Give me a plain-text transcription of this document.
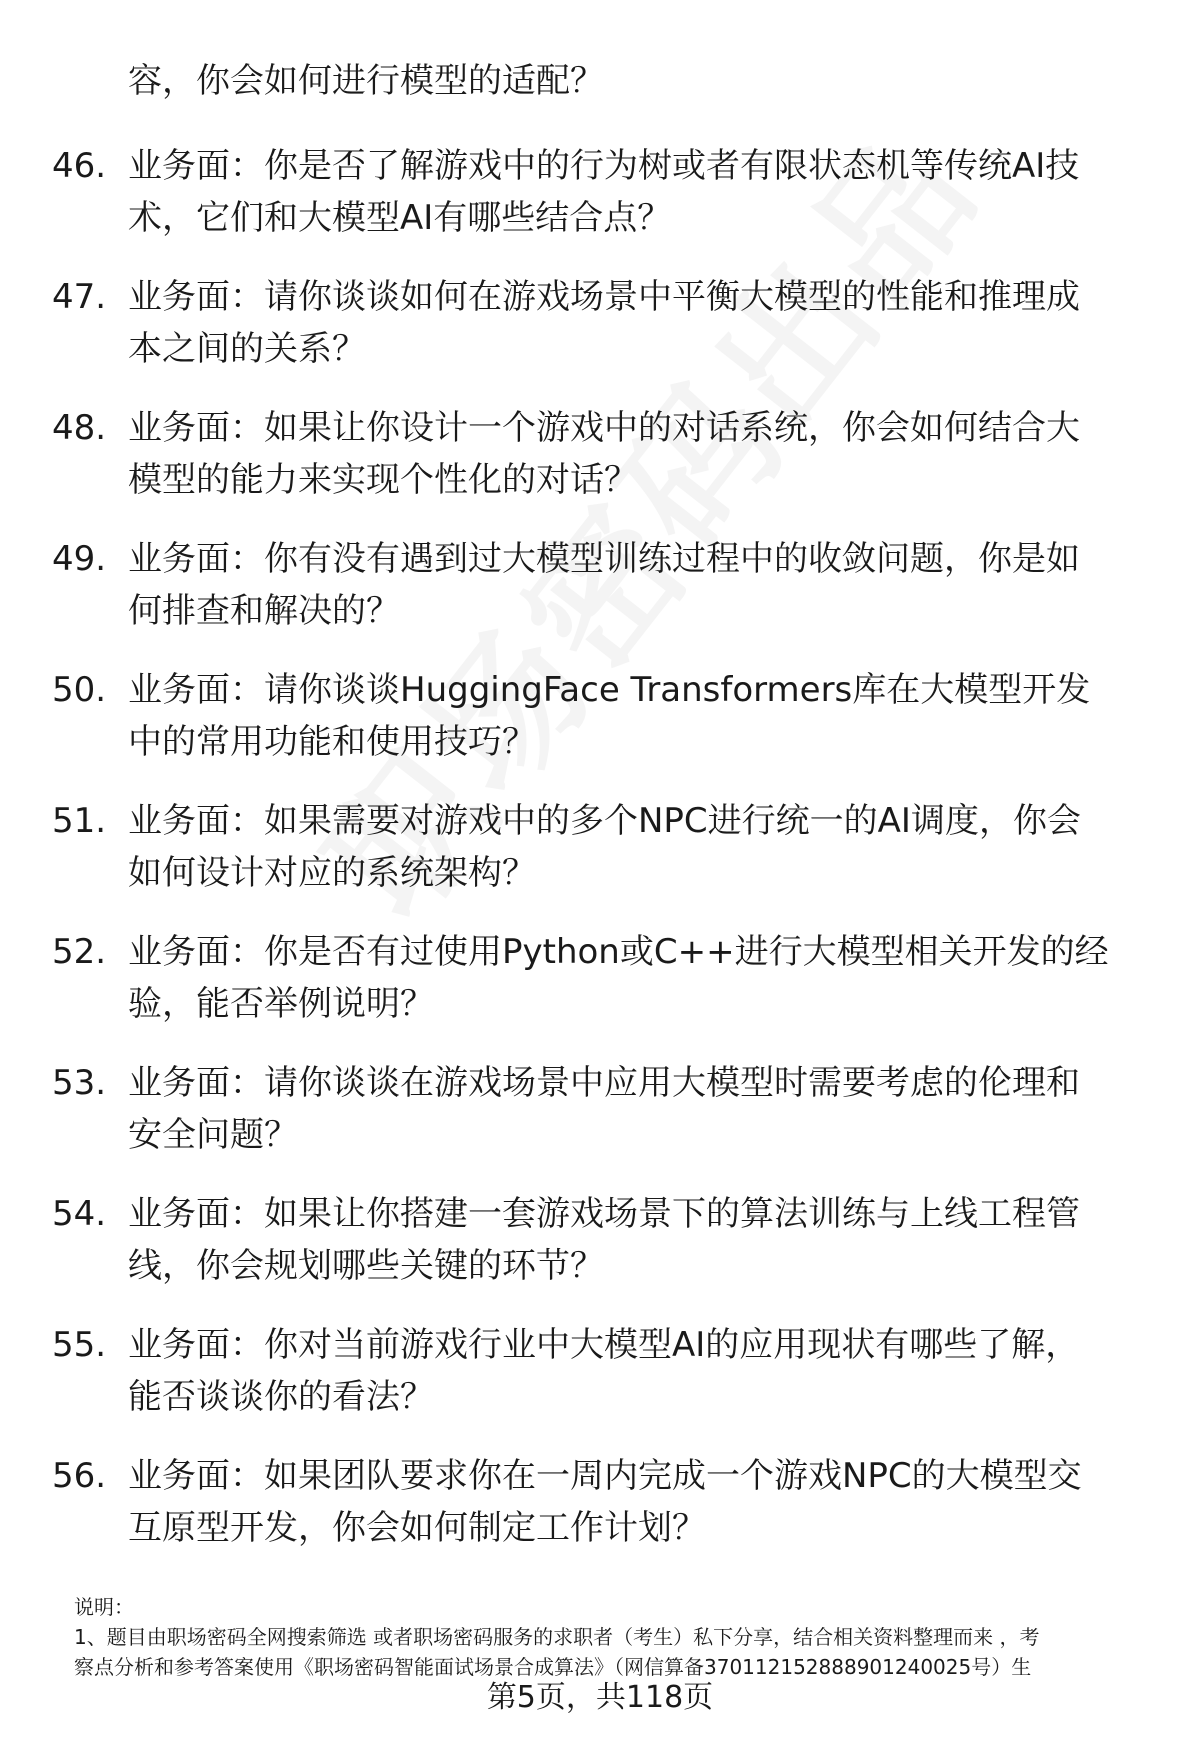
容，你会如何进行模型的适配？
46. 业务面：你是否了解游戏中的行为树或者有限状态机等传统AI技
术，它们和大模型AI有哪些结合点？
47. 业务面：请你谈谈如何在游戏场景中平衡大模型的性能和推理成
本之间的关系？
48. 业务面：如果让你设计一个游戏中的对话系统，你会如何结合大
模型的能力来实现个性化的对话？
49. 业务面：你有没有遇到过大模型训练过程中的收敛问题，你是如
何排查和解决的？
50. 业务面：请你谈谈HuggingFace Transformers库在大模型开发
中的常用功能和使用技巧？
51. 业务面：如果需要对游戏中的多个NPC进行统一的AI调度，你会
如何设计对应的系统架构？
52. 业务面：你是否有过使用Python或C++进行大模型相关开发的经
验，能否举例说明？
53. 业务面：请你谈谈在游戏场景中应用大模型时需要考虑的伦理和
安全问题？
54. 业务面：如果让你搭建一套游戏场景下的算法训练与上线工程管
线，你会规划哪些关键的环节？
55. 业务面：你对当前游戏行业中大模型AI的应用现状有哪些了解，
能否谈谈你的看法？
56. 业务面：如果团队要求你在一周内完成一个游戏NPC的大模型交
互原型开发，你会如何制定工作计划？
说明：
1、题目由职场密码全网搜索筛选 或者职场密码服务的求职者（考生）私下分享，结合相关资料整理而来 ，考
察点分析和参考答案使用《职场密码智能面试场景合成算法》（网信算备370112152888901240025号）生
第5页，共118页
